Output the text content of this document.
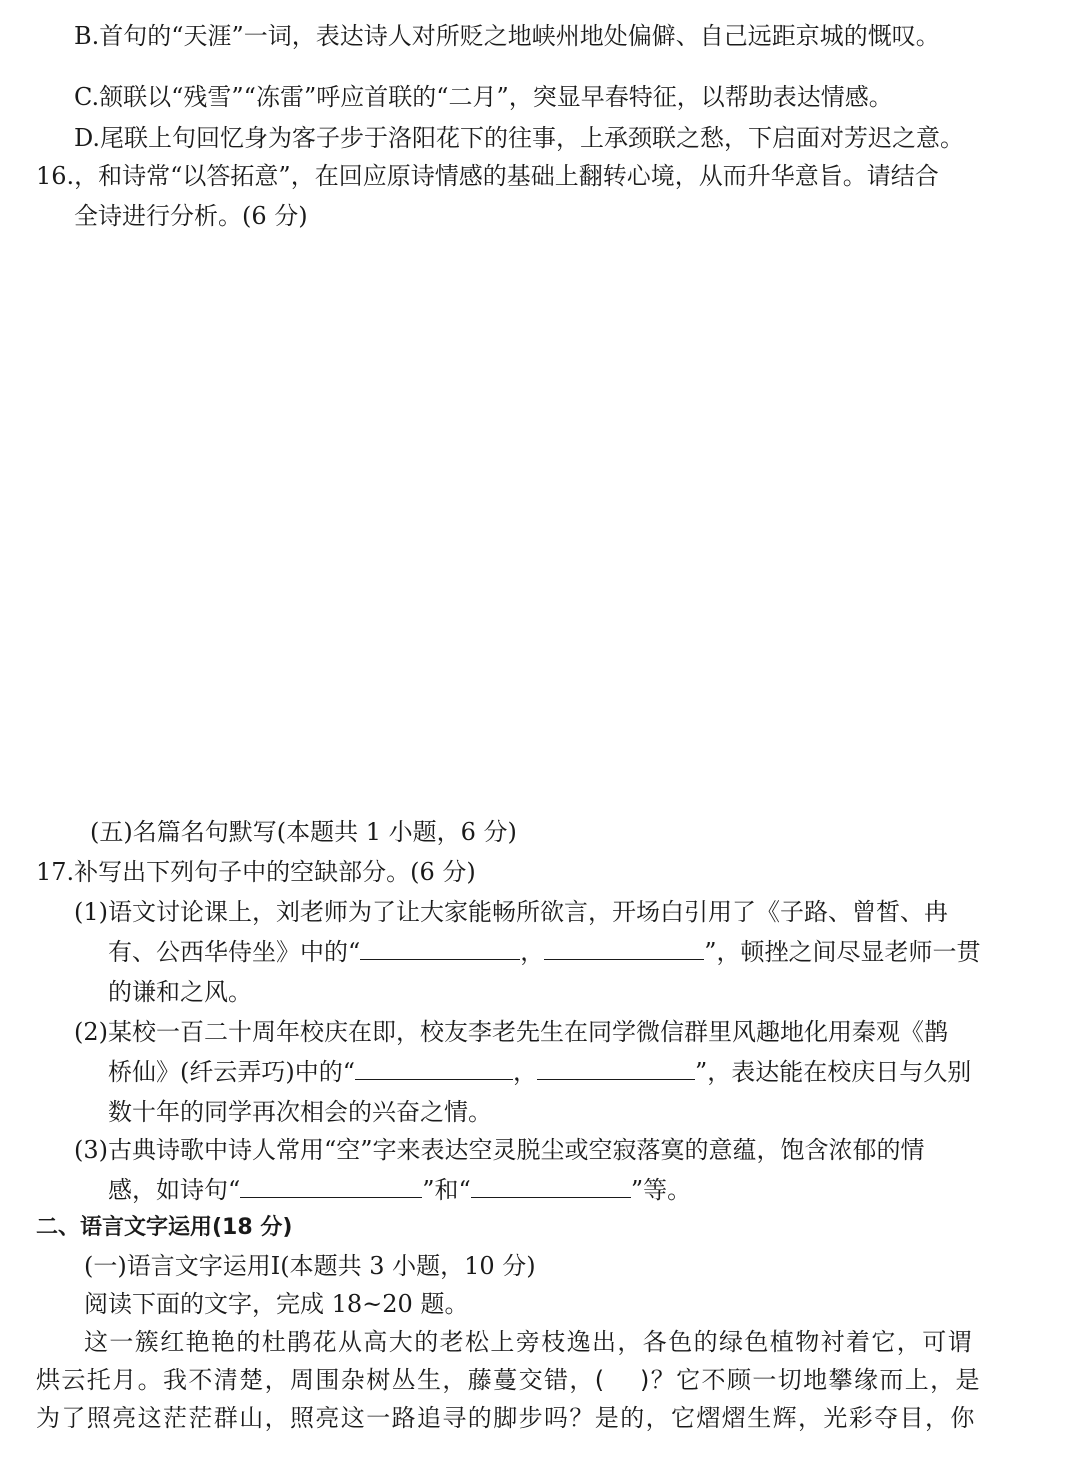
B.首句的“天涯”一词，表达诗人对所贬之地峡州地处偏僻、自己远距京城的慨叹。
C.颔联以“残雪”“冻雷”呼应首联的“二月”，突显早春特征，以帮助表达情感。
D.尾联上句回忆身为客子步于洛阳花下的往事，上承颈联之愁，下启面对芳迟之意。
16.，和诗常“以答拓意”，在回应原诗情感的基础上翻转心境，从而升华意旨。请结合
全诗进行分析。(6 分)
(五)名篇名句默写(本题共 1 小题，6 分)
17.补写出下列句子中的空缺部分。(6 分)
(1)语文讨论课上，刘老师为了让大家能畅所欲言，开场白引用了《子路、曾皙、冉
有、公西华侍坐》中的“	，	”，顿挫之间尽显老师一贯
的谦和之风。
(2)某校一百二十周年校庆在即，校友李老先生在同学微信群里风趣地化用秦观《鹊
桥仙》(纤云弄巧)中的“	，	”，表达能在校庆日与久别
数十年的同学再次相会的兴奋之情。
(3)古典诗歌中诗人常用“空”字来表达空灵脱尘或空寂落寞的意蕴，饱含浓郁的情
感，如诗句“	”和“	”等。
二、语言文字运用(18 分)
(一)语言文字运用Ⅰ(本题共 3 小题，10 分)
阅读下面的文字，完成 18~20 题。
这一簇红艳艳的杜鹃花从高大的老松上旁枝逸出，各色的绿色植物衬着它，可谓
烘云托月。我不清楚，周围杂树丛生，藤蔓交错，(　 )？它不顾一切地攀缘而上，是
为了照亮这茫茫群山，照亮这一路追寻的脚步吗？是的，它熠熠生辉，光彩夺目，你
